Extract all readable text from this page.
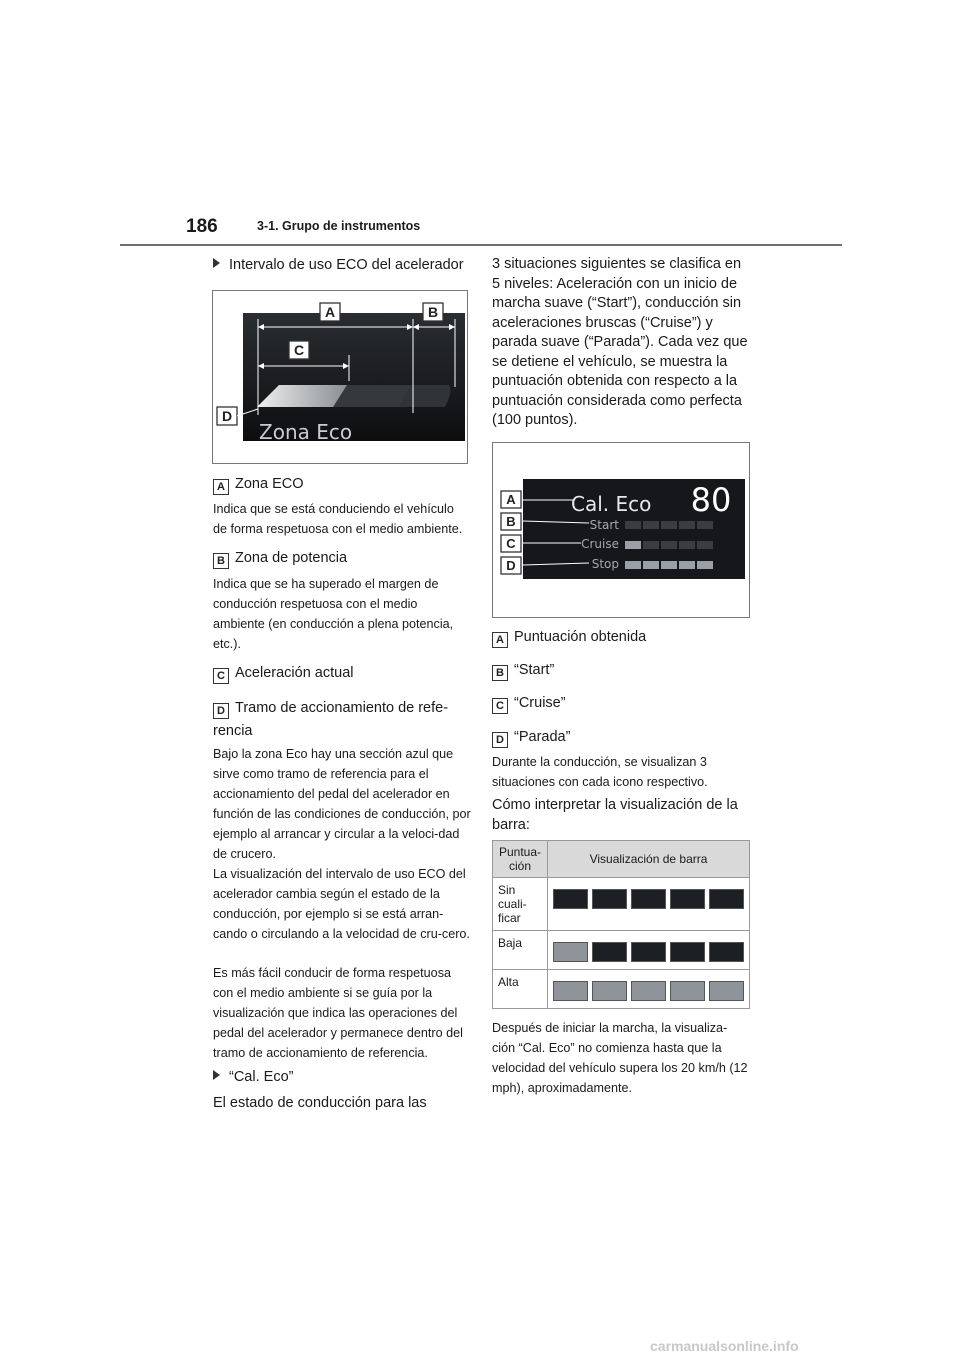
186	3-1. Grupo de instrumentos
Intervalo de uso ECO del acelerador
A	B
C
D
Zona Eco
A Zona ECO
Indica que se está conduciendo el vehículo de forma respetuosa con el medio ambiente.
B Zona de potencia
Indica que se ha superado el margen de conducción respetuosa con el medio ambiente (en conducción a plena potencia, etc.).
C Aceleración actual
D Tramo de accionamiento de refe-rencia
Bajo la zona Eco hay una sección azul que sirve como tramo de referencia para el accionamiento del pedal del acelerador en función de las condiciones de conducción, por ejemplo al arrancar y circular a la veloci-dad de crucero.
La visualización del intervalo de uso ECO del acelerador cambia según el estado de la conducción, por ejemplo si se está arran-cando o circulando a la velocidad de cru-cero.
Es más fácil conducir de forma respetuosa con el medio ambiente si se guía por la visualización que indica las operaciones del pedal del acelerador y permanece dentro del tramo de accionamiento de referencia.
“Cal. Eco”
El estado de conducción para las
3 situaciones siguientes se clasifica en 5 niveles: Aceleración con un inicio de marcha suave (“Start”), conducción sin aceleraciones bruscas (“Cruise”) y parada suave (“Parada”). Cada vez que se detiene el vehículo, se muestra la puntuación obtenida con respecto a la puntuación considerada como perfecta (100 puntos).
Cal. Eco 80
Start
Cruise
Stop
A
B
C
D
A Puntuación obtenida
B “Start”
C “Cruise”
D “Parada”
Durante la conducción, se visualizan 3 situaciones con cada icono respectivo.
Cómo interpretar la visualización de la barra:
Puntua-ción	Visualización de barra
Sin cuali-ficar	

Baja	

Alta	
Después de iniciar la marcha, la visualiza-ción “Cal. Eco” no comienza hasta que la velocidad del vehículo supera los 20 km/h (12 mph), aproximadamente.
carmanualsonline.info
